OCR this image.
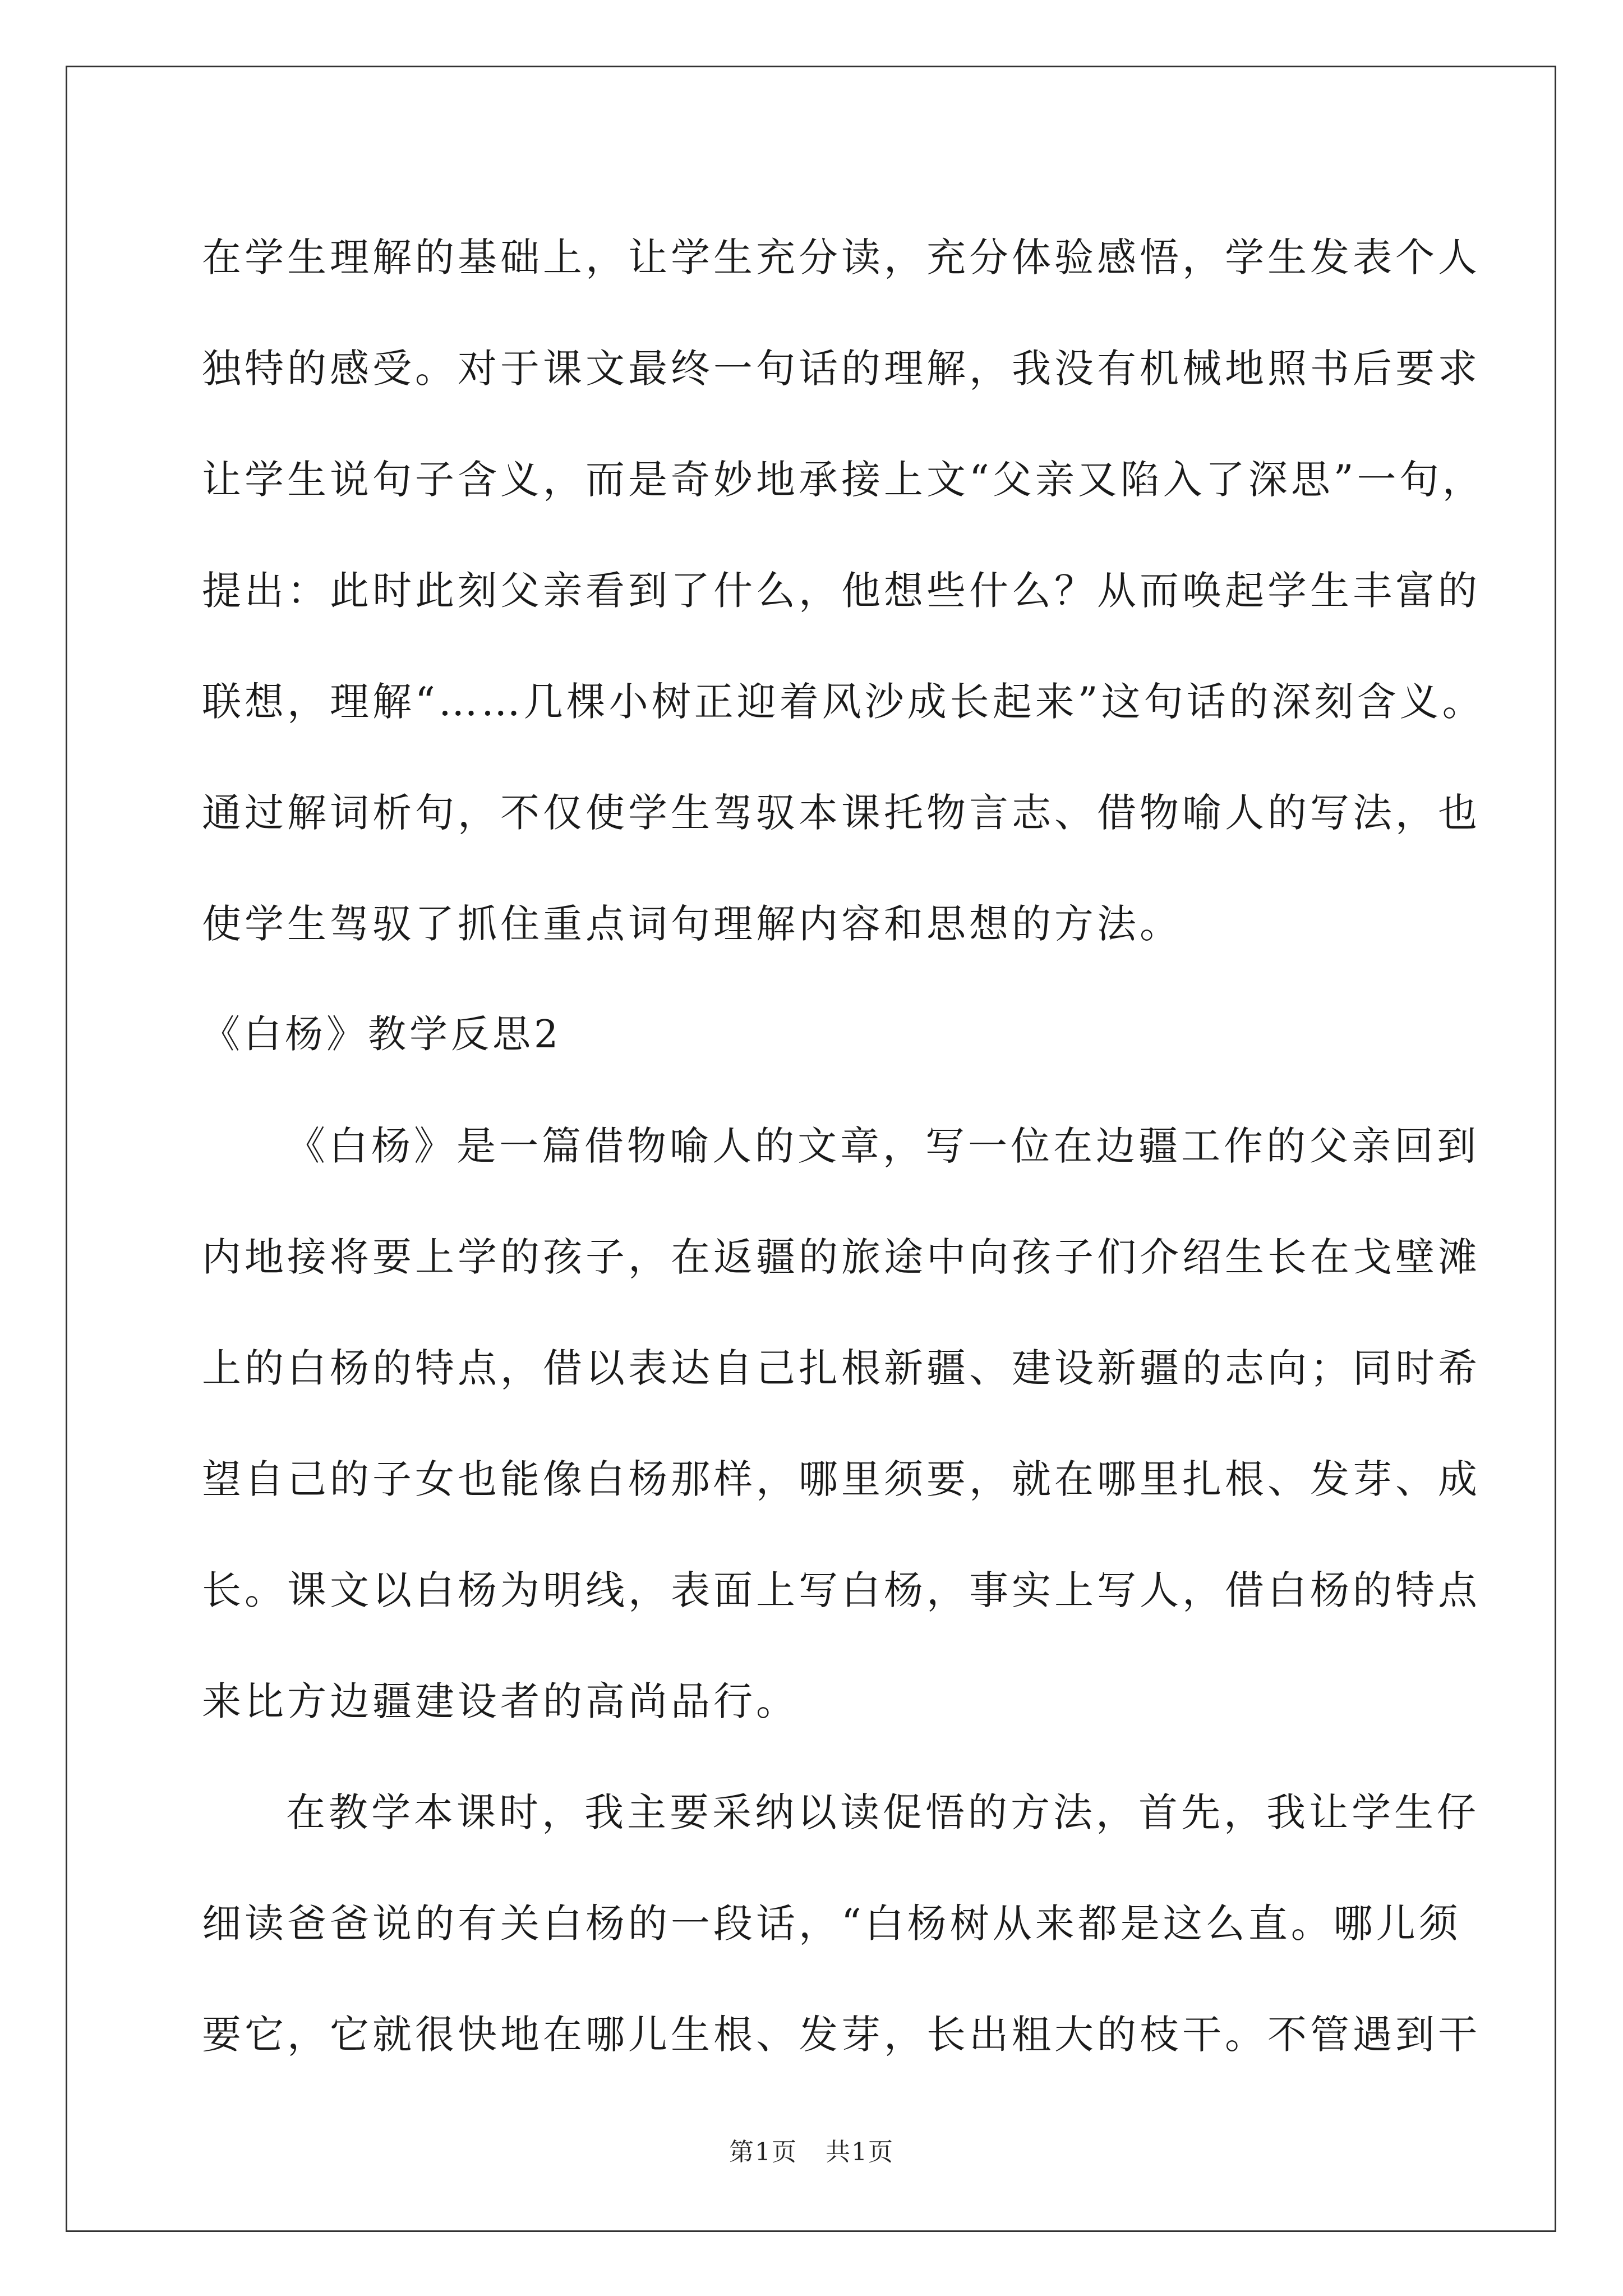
在学生理解的基础上，让学生充分读，充分体验感悟，学生发表个人
独特的感受。对于课文最终一句话的理解，我没有机械地照书后要求
让学生说句子含义，而是奇妙地承接上文“父亲又陷入了深思”一句，
提出：此时此刻父亲看到了什么，他想些什么？从而唤起学生丰富的
联想，理解“……几棵小树正迎着风沙成长起来”这句话的深刻含义。
通过解词析句，不仅使学生驾驭本课托物言志、借物喻人的写法，也
使学生驾驭了抓住重点词句理解内容和思想的方法。
《白杨》教学反思2
《白杨》是一篇借物喻人的文章，写一位在边疆工作的父亲回到
内地接将要上学的孩子，在返疆的旅途中向孩子们介绍生长在戈壁滩
上的白杨的特点，借以表达自己扎根新疆、建设新疆的志向；同时希
望自己的子女也能像白杨那样，哪里须要，就在哪里扎根、发芽、成
长。课文以白杨为明线，表面上写白杨，事实上写人，借白杨的特点
来比方边疆建设者的高尚品行。
在教学本课时，我主要采纳以读促悟的方法，首先，我让学生仔
细读爸爸说的有关白杨的一段话，“白杨树从来都是这么直。哪儿须
要它，它就很快地在哪儿生根、发芽，长出粗大的枝干。不管遇到干
第1页 共1页
